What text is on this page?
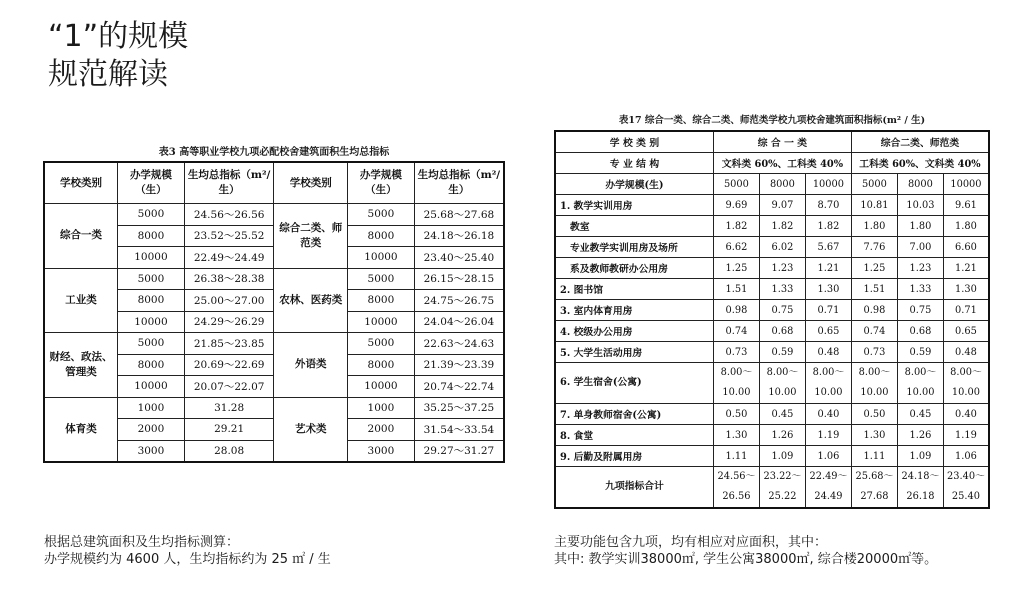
“1”的规模
规范解读
表3 高等职业学校九项必配校舍建筑面积生均总指标
学校类别	办学规模（生）	生均总指标（m²/生）	学校类别	办学规模（生）	生均总指标（m²/生）
综合一类	5000	24.56～26.56	综合二类、师范类	5000	25.68～27.68
	8000	23.52～25.52		8000	24.18～26.18
	10000	22.49～24.49		10000	23.40～25.40
工业类	5000	26.38～28.38	农林、医药类	5000	26.15～28.15
	8000	25.00～27.00		8000	24.75～26.75
	10000	24.29～26.29		10000	24.04～26.04
财经、政法、管理类	5000	21.85～23.85	外语类	5000	22.63～24.63
	8000	20.69～22.69		8000	21.39～23.39
	10000	20.07～22.07		10000	20.74～22.74
体育类	1000	31.28	艺术类	1000	35.25～37.25
	2000	29.21		2000	31.54～33.54
	3000	28.08		3000	29.27～31.27
表17 综合一类、综合二类、师范类学校九项校舍建筑面积指标(m² / 生)
学 校 类 别	综 合 一 类			综合二类、师范类		
专 业 结 构	文科类 60%、工科类 40%			工科类 60%、文科类 40%		
办学规模(生)	5000	8000	10000	5000	8000	10000
1. 教学实训用房	9.69	9.07	8.70	10.81	10.03	9.61
教室	1.82	1.82	1.82	1.80	1.80	1.80
专业教学实训用房及场所	6.62	6.02	5.67	7.76	7.00	6.60
系及教师教研办公用房	1.25	1.23	1.21	1.25	1.23	1.21
2. 图书馆	1.51	1.33	1.30	1.51	1.33	1.30
3. 室内体育用房	0.98	0.75	0.71	0.98	0.75	0.71
4. 校级办公用房	0.74	0.68	0.65	0.74	0.68	0.65
5. 大学生活动用房	0.73	0.59	0.48	0.73	0.59	0.48
6. 学生宿舍(公寓)	8.00～10.00	8.00～10.00	8.00～10.00	8.00～10.00	8.00～10.00	8.00～10.00
7. 单身教师宿舍(公寓)	0.50	0.45	0.40	0.50	0.45	0.40
8. 食堂	1.30	1.26	1.19	1.30	1.26	1.19
9. 后勤及附属用房	1.11	1.09	1.06	1.11	1.09	1.06
九项指标合计	24.56～26.56	23.22～25.22	22.49～24.49	25.68～27.68	24.18～26.18	23.40～25.40
根据总建筑面积及生均指标测算：
办学规模约为 4600 人，生均指标约为 25 ㎡ / 生
主要功能包含九项，均有相应对应面积，其中：
其中: 教学实训38000㎡, 学生公寓38000㎡, 综合楼20000㎡等。
